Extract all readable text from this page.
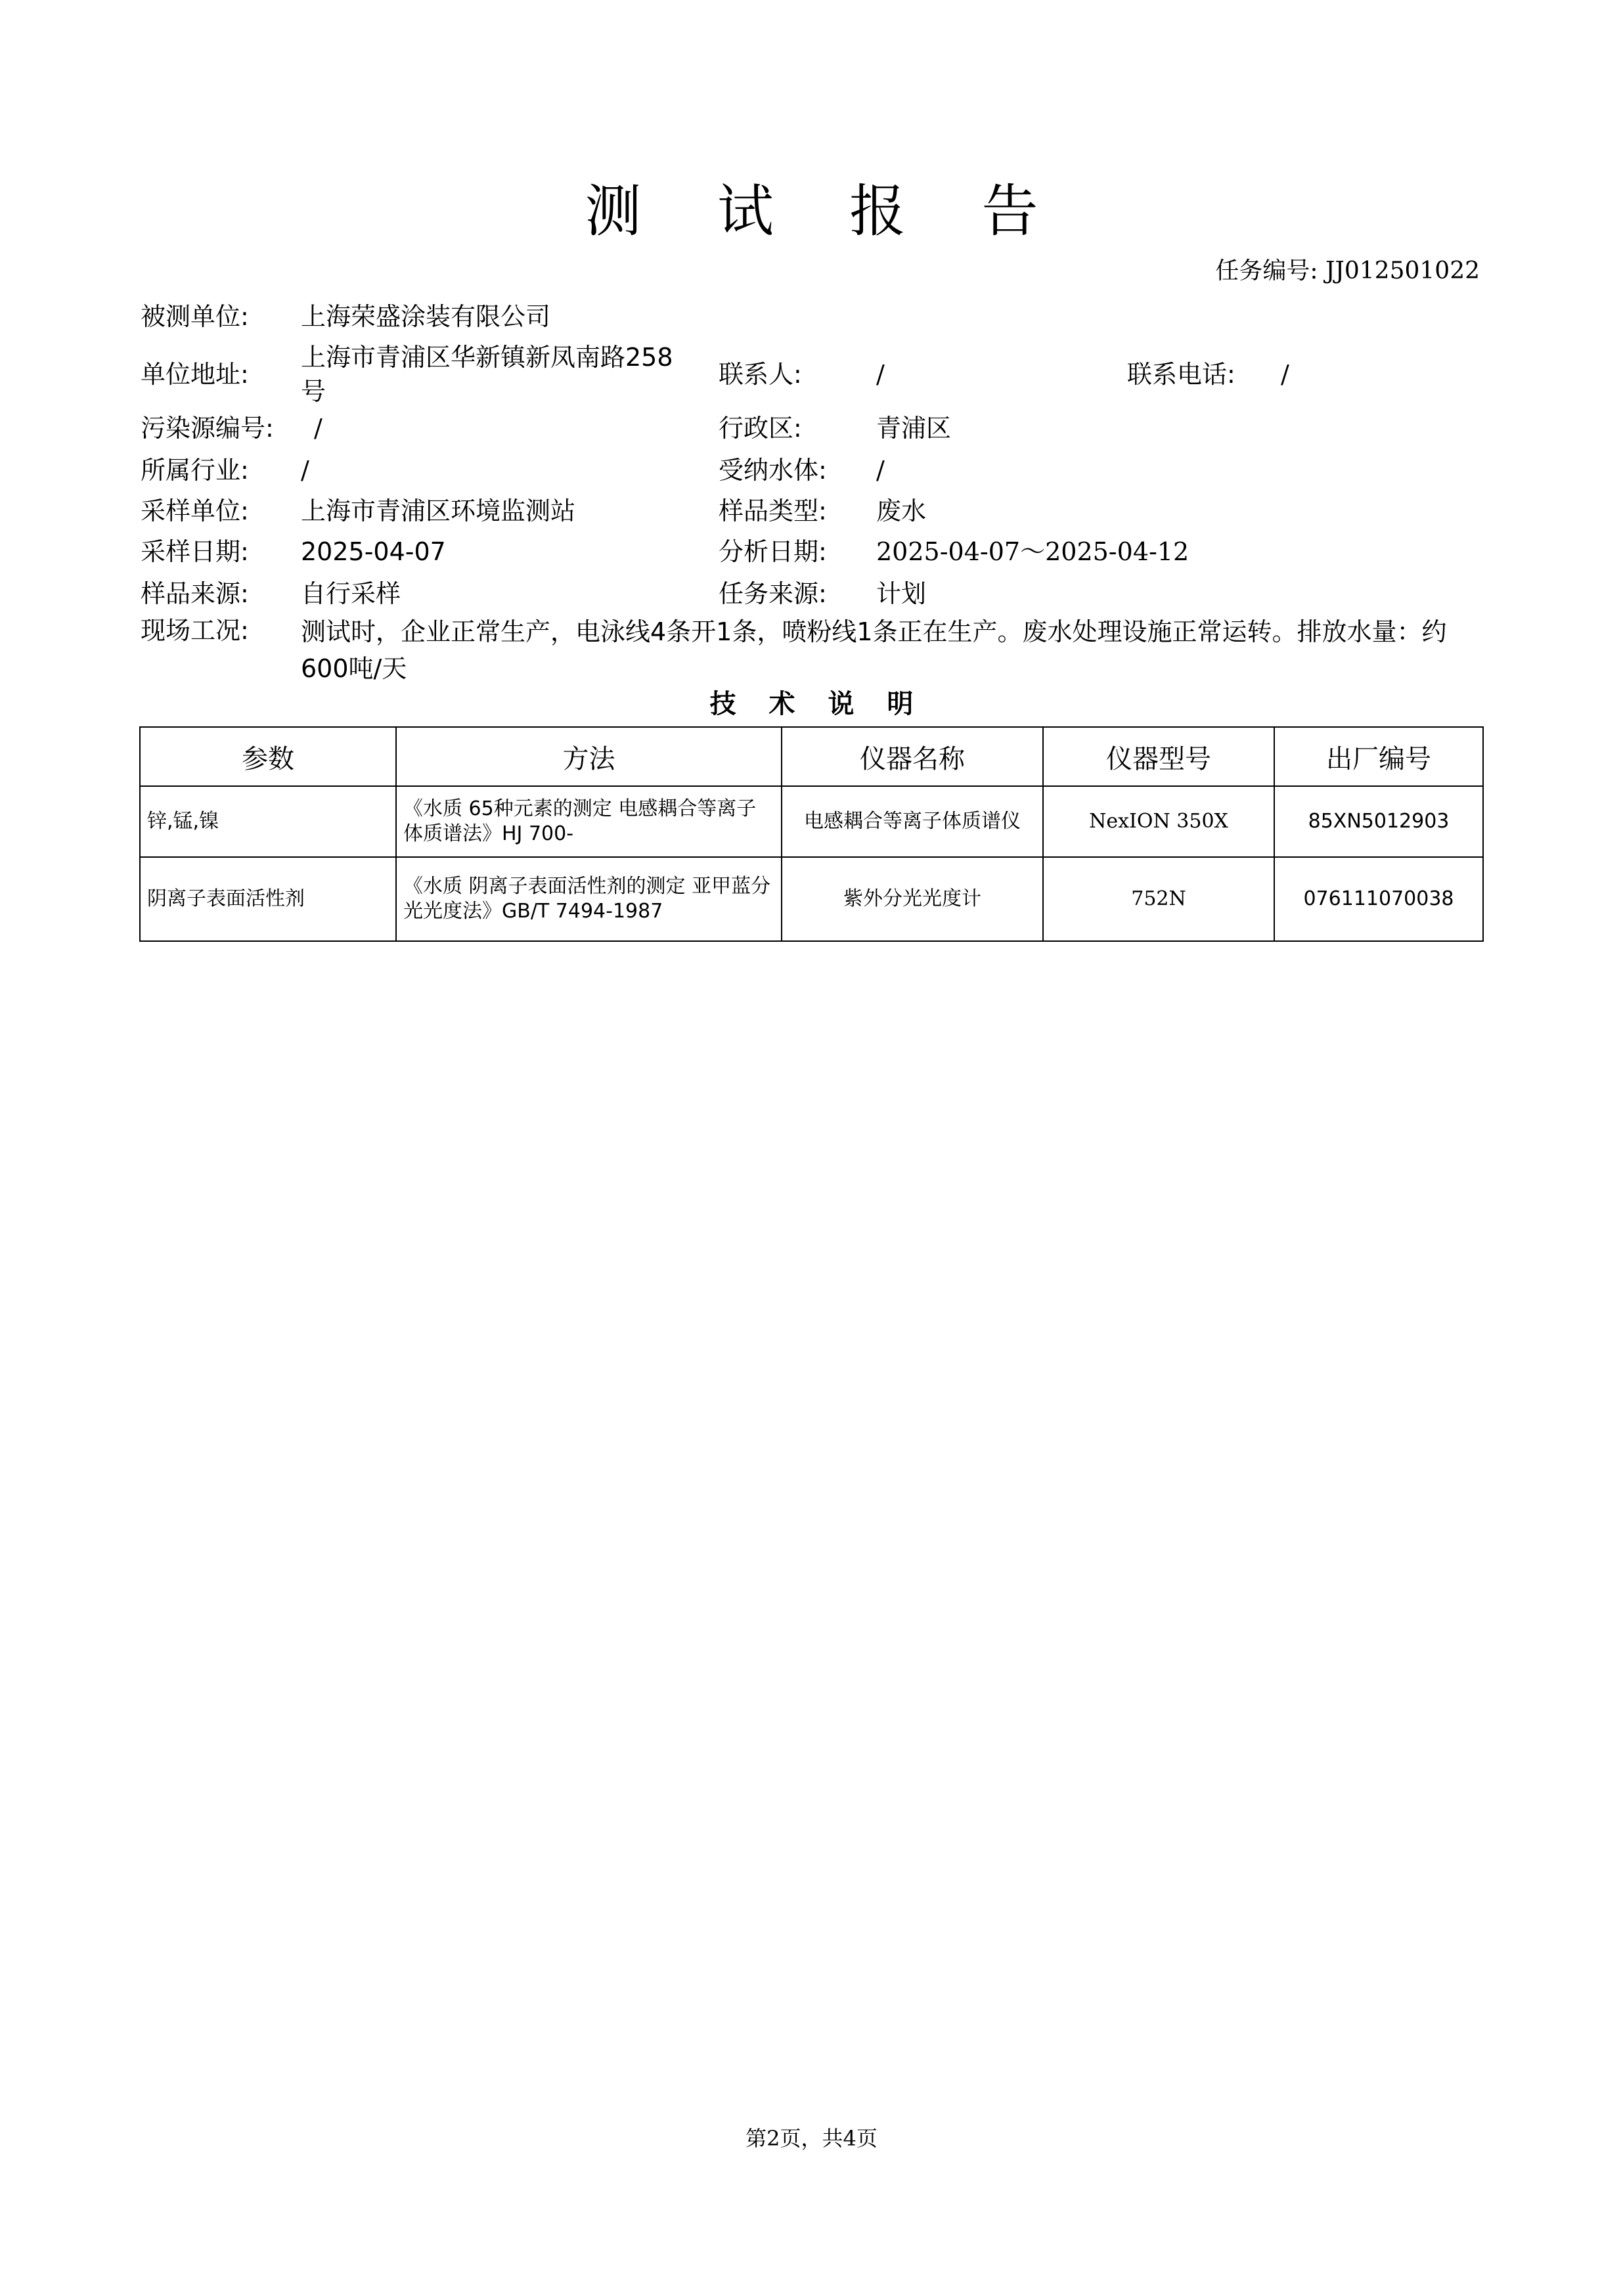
测 试 报 告
任务编号: JJ012501022
被测单位: 上海荣盛涂装有限公司
单位地址:
上海市青浦区华新镇新凤南路258号
联系人:	/	联系电话: /
污染源编号: /	行政区:	青浦区
所属行业: /	受纳水体: /
采样单位: 上海市青浦区环境监测站	样品类型: 废水
采样日期: 2025-04-07	分析日期: 2025-04-07～2025-04-12
样品来源: 自行采样	任务来源: 计划
现场工况: 测试时，企业正常生产，电泳线4条开1条，喷粉线1条正在生产。废水处理设施正常运转。排放水量：约600吨/天
技 术 说 明
参数	方法	仪器名称	仪器型号	出厂编号
锌,锰,镍	《水质 65种元素的测定 电感耦合等离子体质谱法》HJ 700-	电感耦合等离子体质谱仪	NexION 350X	85XN5012903
阴离子表面活性剂	《水质 阴离子表面活性剂的测定 亚甲蓝分光光度法》GB/T 7494-1987	紫外分光光度计	752N	076111070038
第2页，共4页
